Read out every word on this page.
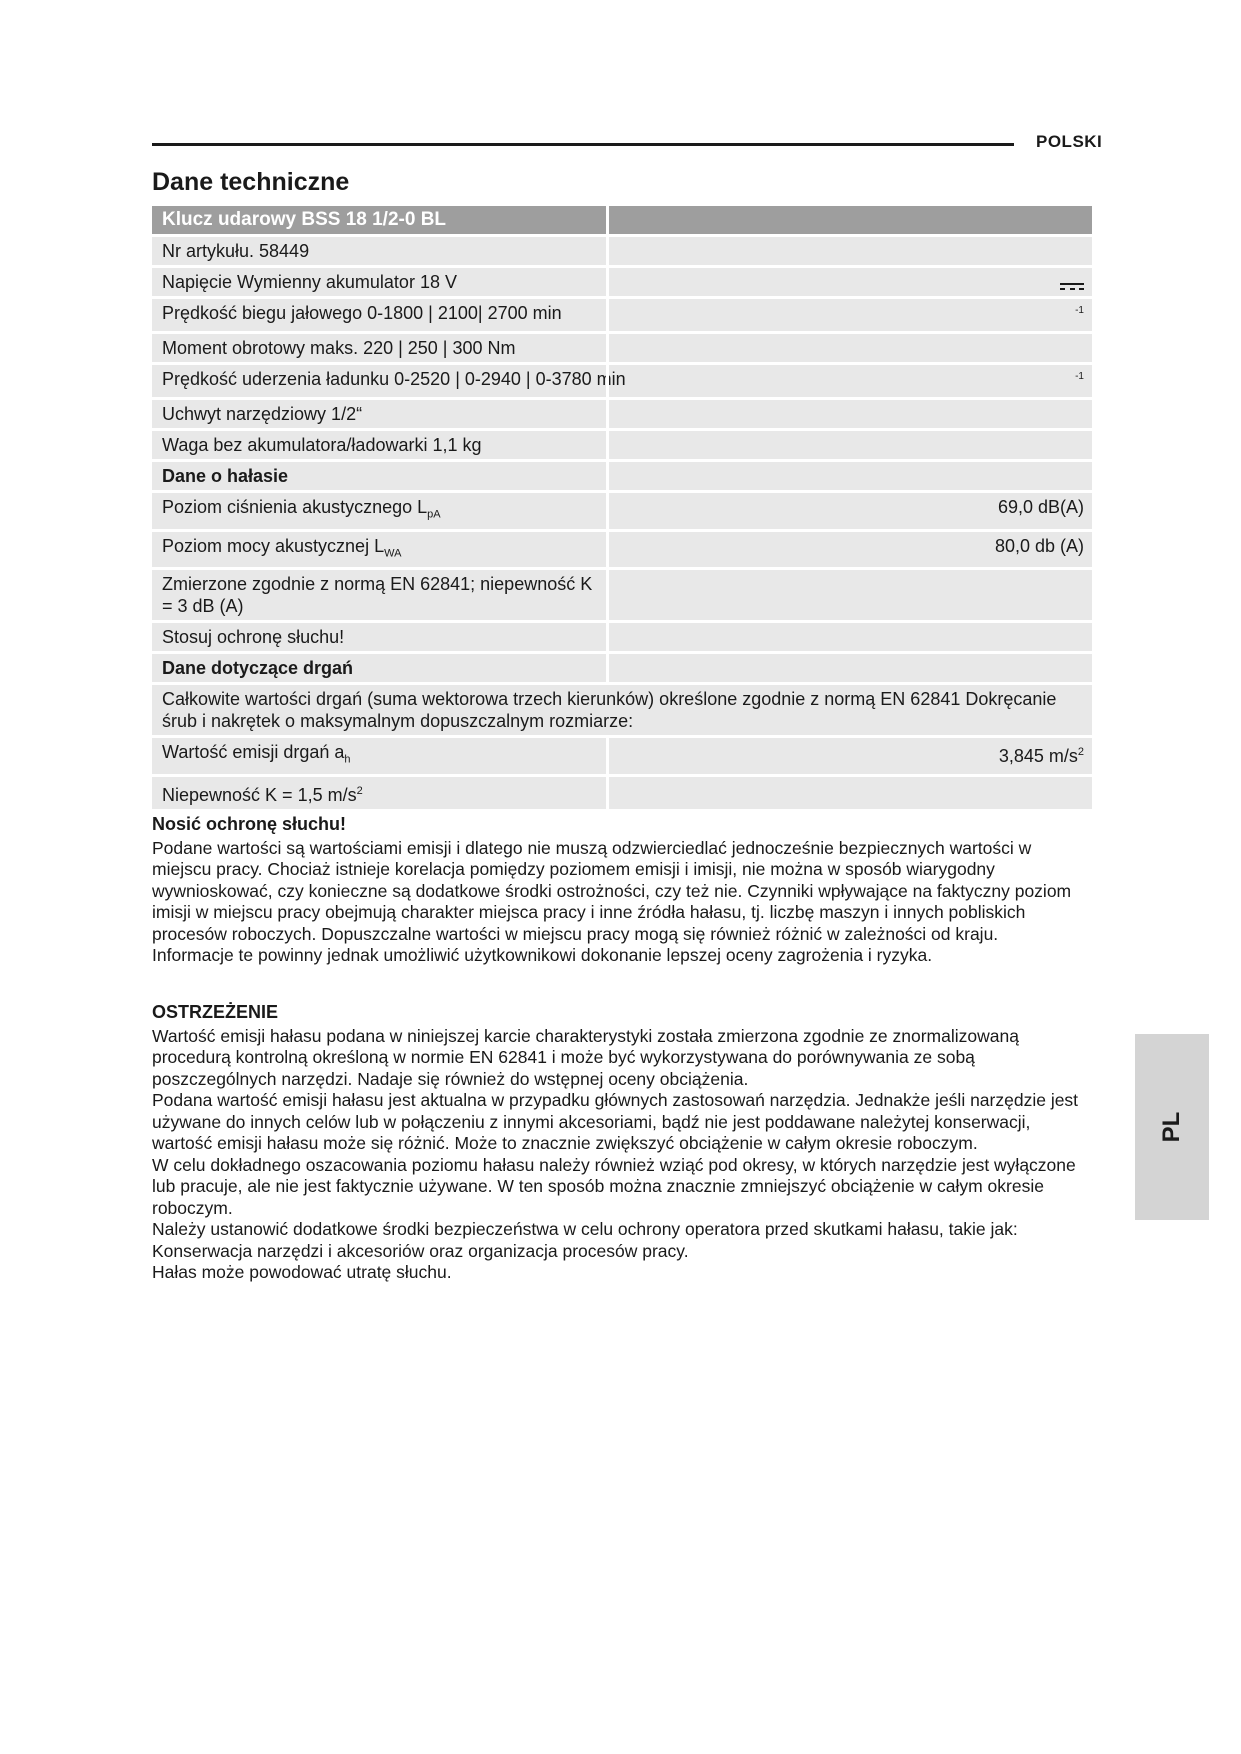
POLSKI
Dane techniczne
Klucz udarowy BSS 18 1/2-0 BL
Nr artykułu. 58449
Napięcie Wymienny akumulator 18 V
Prędkość biegu jałowego 0-1800 | 2100| 2700 min	$^{-1}$
Moment obrotowy maks. 220 | 250 | 300 Nm
Prędkość uderzenia ładunku 0-2520 | 0-2940 | 0-3780 min	$^{-1}$
Uchwyt narzędziowy 1/2“
Waga bez akumulatora/ładowarki 1,1 kg
Dane o hałasie
Poziom ciśnienia akustycznego $L_{pA}$	69,0 dB(A)
Poziom mocy akustycznej $L_{WA}$	80,0 db (A)
Zmierzone zgodnie z normą EN 62841; niepewność K = 3 dB (A)
Stosuj ochronę słuchu!
Dane dotyczące drgań
Całkowite wartości drgań (suma wektorowa trzech kierunków) określone zgodnie z normą EN 62841 Dokręcanie śrub i nakrętek o maksymalnym dopuszczalnym rozmiarze:
Wartość emisji drgań $a_h$	3,845 $m/s^2$
Niepewność K = 1,5 $m/s^2$
Nosić ochronę słuchu!

Podane wartości są wartościami emisji i dlatego nie muszą odzwierciedlać jednocześnie bezpiecznych wartości w miejscu pracy. Chociaż istnieje korelacja pomiędzy poziomem emisji i imisji, nie można w sposób wiarygodny wywnioskować, czy konieczne są dodatkowe środki ostrożności, czy też nie. Czynniki wpływające na faktyczny poziom imisji w miejscu pracy obejmują charakter miejsca pracy i inne źródła hałasu, tj. liczbę maszyn i innych pobliskich procesów roboczych. Dopuszczalne wartości w miejscu pracy mogą się również różnić w zależności od kraju. Informacje te powinny jednak umożliwić użytkownikowi dokonanie lepszej oceny zagrożenia i ryzyka.

OSTRZEŻENIE

Wartość emisji hałasu podana w niniejszej karcie charakterystyki została zmierzona zgodnie ze znormalizowaną procedurą kontrolną określoną w normie EN 62841 i może być wykorzystywana do porównywania ze sobą poszczególnych narzędzi. Nadaje się również do wstępnej oceny obciążenia.

Podana wartość emisji hałasu jest aktualna w przypadku głównych zastosowań narzędzia. Jednakże jeśli narzędzie jest używane do innych celów lub w połączeniu z innymi akcesoriami, bądź nie jest poddawane należytej konserwacji, wartość emisji hałasu może się różnić. Może to znacznie zwiększyć obciążenie w całym okresie roboczym.

W celu dokładnego oszacowania poziomu hałasu należy również wziąć pod okresy, w których narzędzie jest wyłączone lub pracuje, ale nie jest faktycznie używane. W ten sposób można znacznie zmniejszyć obciążenie w całym okresie roboczym.

Należy ustanowić dodatkowe środki bezpieczeństwa w celu ochrony operatora przed skutkami hałasu, takie jak: Konserwacja narzędzi i akcesoriów oraz organizacja procesów pracy.

Hałas może powodować utratę słuchu.

PL
